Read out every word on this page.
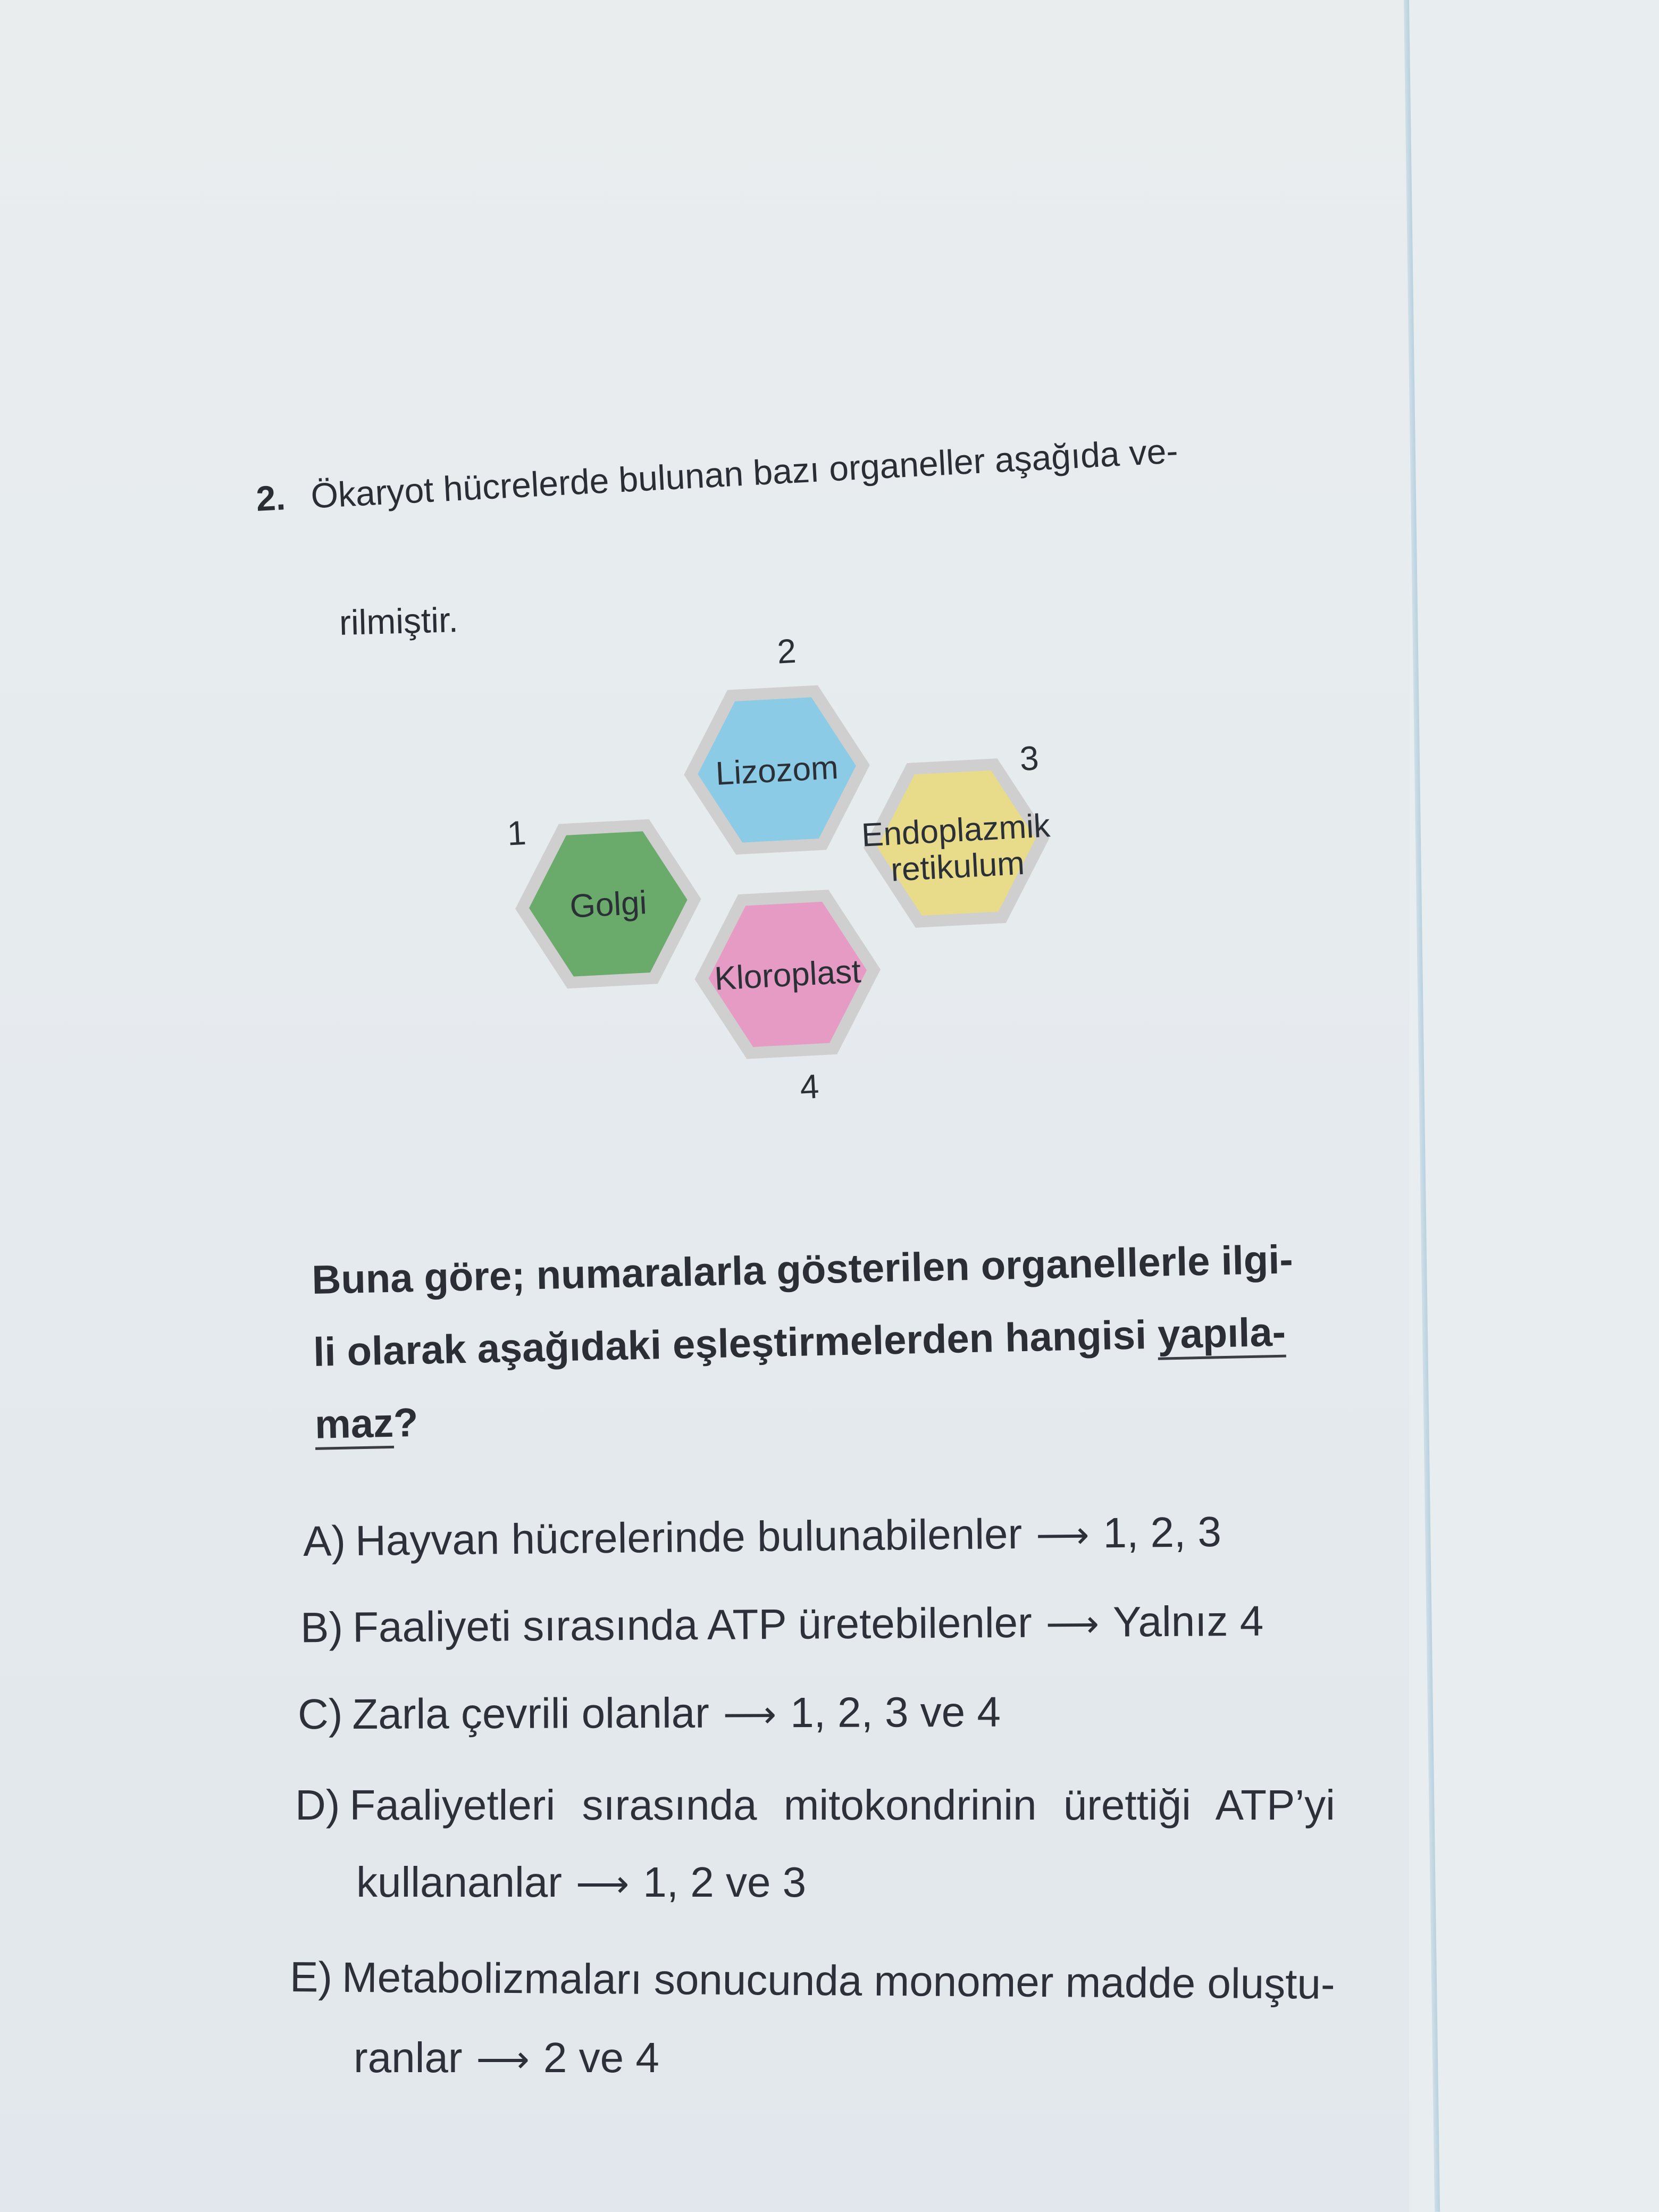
2. Ökaryot hücrelerde bulunan bazı organeller aşağıda ve-
rilmiştir.
Lizozom
2
Golgi
1	Endoplazmik
retikulum
3
Kloroplast
4
Buna göre; numaralarla gösterilen organellerle ilgi-
li olarak aşağıdaki eşleştirmelerden hangisi yapıla-
maz?
A) Hayvan hücrelerinde bulunabilenler ⟶ 1, 2, 3
B) Faaliyeti sırasında ATP üretebilenler ⟶ Yalnız 4
C) Zarla çevrili olanlar ⟶ 1, 2, 3 ve 4
D) Faaliyetleri sırasında mitokondrinin ürettiği ATP’yi
kullananlar ⟶ 1, 2 ve 3
E) Metabolizmaları sonucunda monomer madde oluştu-
ranlar ⟶ 2 ve 4
